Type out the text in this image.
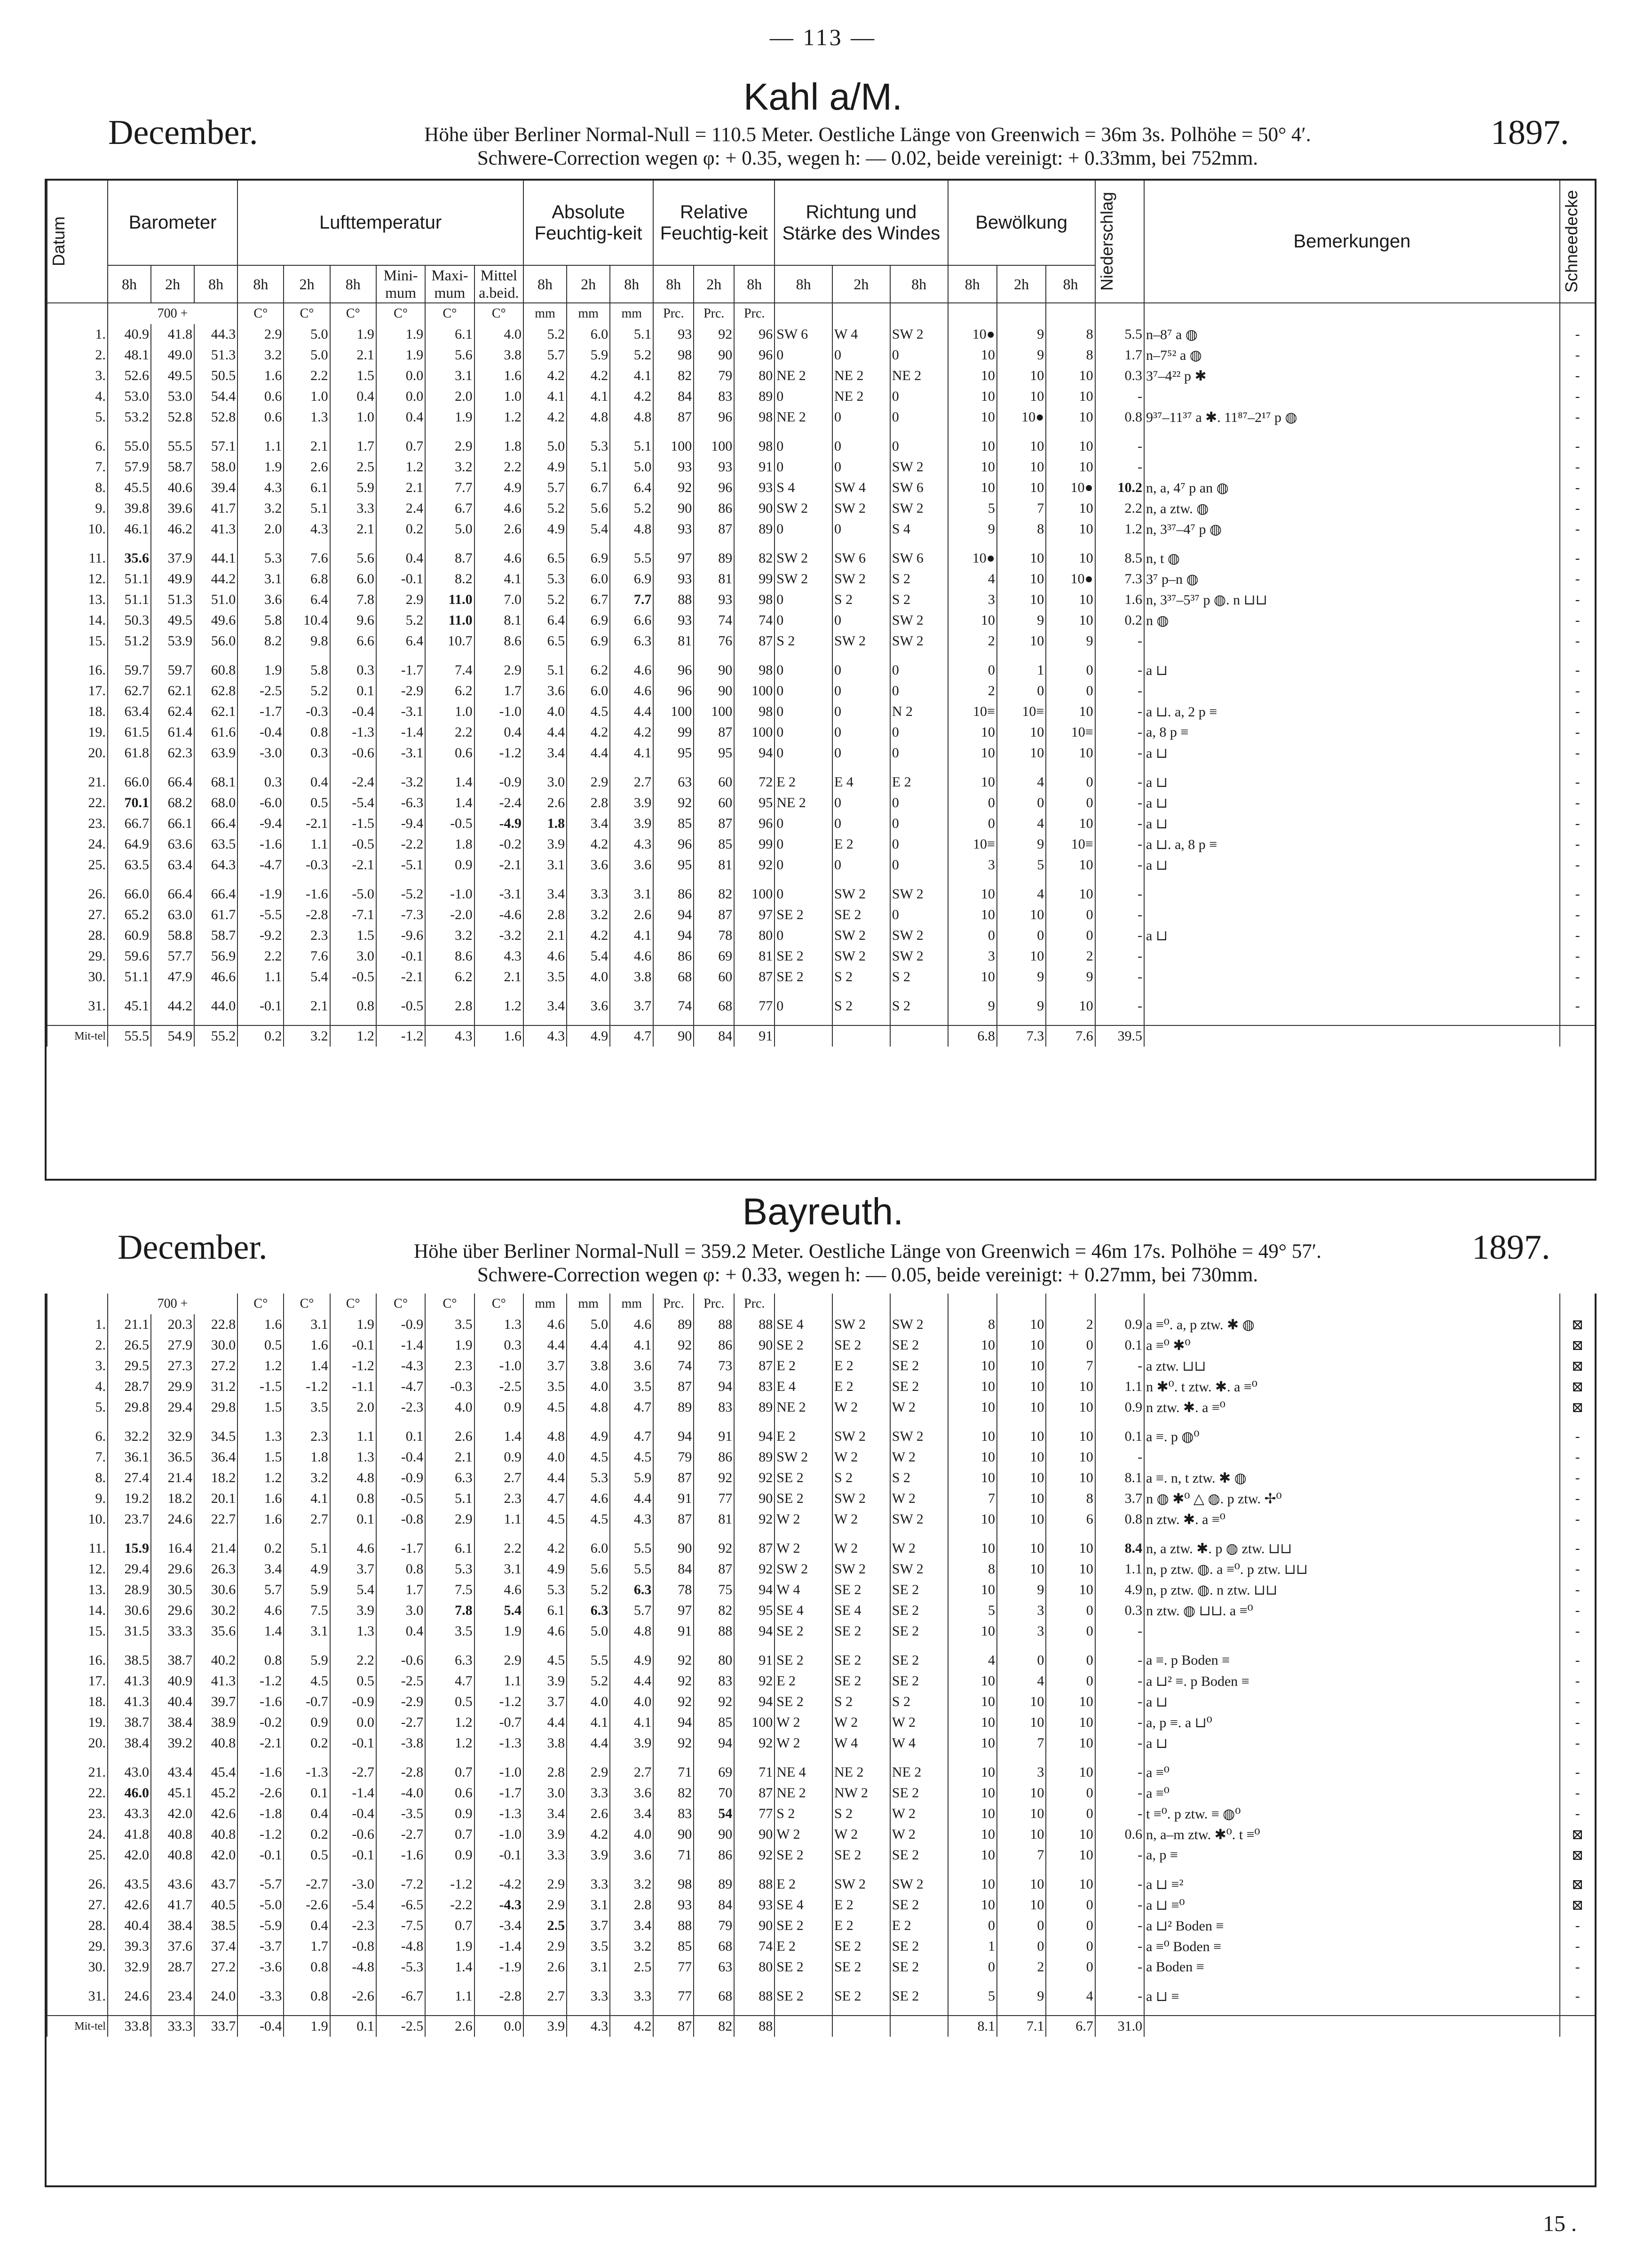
— 113 —
Kahl a/M.
December.	1897.
Höhe über Berliner Normal-Null = 110.5 Meter. Oestliche Länge von Greenwich = 36m 3s. Polhöhe = 50° 4′.
Schwere-Correction wegen φ: + 0.35, wegen h: — 0.02, beide vereinigt: + 0.33mm, bei 752mm.
Datum	Barometer			Lufttemperatur						Absolute Feuchtig-keit			Relative Feuchtig-keit			Richtung und Stärke des Windes			Bewölkung			Niederschlag	Bemerkungen	Schneedecke

	8h	2h	8h	8h	2h	8h	Mini-mum	Maxi-mum	Mittel a.beid.	8h	2h	8h	8h	2h	8h	8h	2h	8h	8h	2h	8h			
	700 +			C°	C°	C°	C°	C°	C°	mm	mm	mm	Prc.	Prc.	Prc.									
1.	40.9	41.8	44.3	2.9	5.0	1.9	1.9	6.1	4.0	5.2	6.0	5.1	93	92	96	SW 6	W 4	SW 2	10●	9	8	5.5	n–8⁷ a ◍	-
2.	48.1	49.0	51.3	3.2	5.0	2.1	1.9	5.6	3.8	5.7	5.9	5.2	98	90	96	0	0	0	10	9	8	1.7	n–7⁵² a ◍	-
3.	52.6	49.5	50.5	1.6	2.2	1.5	0.0	3.1	1.6	4.2	4.2	4.1	82	79	80	NE 2	NE 2	NE 2	10	10	10	0.3	3⁷–4²² p ✱	-
4.	53.0	53.0	54.4	0.6	1.0	0.4	0.0	2.0	1.0	4.1	4.1	4.2	84	83	89	0	NE 2	0	10	10	10	-		-
5.	53.2	52.8	52.8	0.6	1.3	1.0	0.4	1.9	1.2	4.2	4.8	4.8	87	96	98	NE 2	0	0	10	10●	10	0.8	9³⁷–11³⁷ a ✱. 11⁸⁷–2¹⁷ p ◍	-

6.	55.0	55.5	57.1	1.1	2.1	1.7	0.7	2.9	1.8	5.0	5.3	5.1	100	100	98	0	0	0	10	10	10	-		-
7.	57.9	58.7	58.0	1.9	2.6	2.5	1.2	3.2	2.2	4.9	5.1	5.0	93	93	91	0	0	SW 2	10	10	10	-		-
8.	45.5	40.6	39.4	4.3	6.1	5.9	2.1	7.7	4.9	5.7	6.7	6.4	92	96	93	S 4	SW 4	SW 6	10	10	10●	10.2	n, a, 4⁷ p an ◍	-
9.	39.8	39.6	41.7	3.2	5.1	3.3	2.4	6.7	4.6	5.2	5.6	5.2	90	86	90	SW 2	SW 2	SW 2	5	7	10	2.2	n, a ztw. ◍	-
10.	46.1	46.2	41.3	2.0	4.3	2.1	0.2	5.0	2.6	4.9	5.4	4.8	93	87	89	0	0	S 4	9	8	10	1.2	n, 3³⁷–4⁷ p ◍	-

11.	35.6	37.9	44.1	5.3	7.6	5.6	0.4	8.7	4.6	6.5	6.9	5.5	97	89	82	SW 2	SW 6	SW 6	10●	10	10	8.5	n, t ◍	-
12.	51.1	49.9	44.2	3.1	6.8	6.0	-0.1	8.2	4.1	5.3	6.0	6.9	93	81	99	SW 2	SW 2	S 2	4	10	10●	7.3	3⁷ p–n ◍	-
13.	51.1	51.3	51.0	3.6	6.4	7.8	2.9	11.0	7.0	5.2	6.7	7.7	88	93	98	0	S 2	S 2	3	10	10	1.6	n, 3³⁷–5³⁷ p ◍. n ⊔⊔	-
14.	50.3	49.5	49.6	5.8	10.4	9.6	5.2	11.0	8.1	6.4	6.9	6.6	93	74	74	0	0	SW 2	10	9	10	0.2	n ◍	-
15.	51.2	53.9	56.0	8.2	9.8	6.6	6.4	10.7	8.6	6.5	6.9	6.3	81	76	87	S 2	SW 2	SW 2	2	10	9	-		-

16.	59.7	59.7	60.8	1.9	5.8	0.3	-1.7	7.4	2.9	5.1	6.2	4.6	96	90	98	0	0	0	0	1	0	-	a ⊔	-
17.	62.7	62.1	62.8	-2.5	5.2	0.1	-2.9	6.2	1.7	3.6	6.0	4.6	96	90	100	0	0	0	2	0	0	-		-
18.	63.4	62.4	62.1	-1.7	-0.3	-0.4	-3.1	1.0	-1.0	4.0	4.5	4.4	100	100	98	0	0	N 2	10≡	10≡	10	-	a ⊔. a, 2 p ≡	-
19.	61.5	61.4	61.6	-0.4	0.8	-1.3	-1.4	2.2	0.4	4.4	4.2	4.2	99	87	100	0	0	0	10	10	10≡	-	a, 8 p ≡	-
20.	61.8	62.3	63.9	-3.0	0.3	-0.6	-3.1	0.6	-1.2	3.4	4.4	4.1	95	95	94	0	0	0	10	10	10	-	a ⊔	-

21.	66.0	66.4	68.1	0.3	0.4	-2.4	-3.2	1.4	-0.9	3.0	2.9	2.7	63	60	72	E 2	E 4	E 2	10	4	0	-	a ⊔	-
22.	70.1	68.2	68.0	-6.0	0.5	-5.4	-6.3	1.4	-2.4	2.6	2.8	3.9	92	60	95	NE 2	0	0	0	0	0	-	a ⊔	-
23.	66.7	66.1	66.4	-9.4	-2.1	-1.5	-9.4	-0.5	-4.9	1.8	3.4	3.9	85	87	96	0	0	0	0	4	10	-	a ⊔	-
24.	64.9	63.6	63.5	-1.6	1.1	-0.5	-2.2	1.8	-0.2	3.9	4.2	4.3	96	85	99	0	E 2	0	10≡	9	10≡	-	a ⊔. a, 8 p ≡	-
25.	63.5	63.4	64.3	-4.7	-0.3	-2.1	-5.1	0.9	-2.1	3.1	3.6	3.6	95	81	92	0	0	0	3	5	10	-	a ⊔	-

26.	66.0	66.4	66.4	-1.9	-1.6	-5.0	-5.2	-1.0	-3.1	3.4	3.3	3.1	86	82	100	0	SW 2	SW 2	10	4	10	-		-
27.	65.2	63.0	61.7	-5.5	-2.8	-7.1	-7.3	-2.0	-4.6	2.8	3.2	2.6	94	87	97	SE 2	SE 2	0	10	10	0	-		-
28.	60.9	58.8	58.7	-9.2	2.3	1.5	-9.6	3.2	-3.2	2.1	4.2	4.1	94	78	80	0	SW 2	SW 2	0	0	0	-	a ⊔	-
29.	59.6	57.7	56.9	2.2	7.6	3.0	-0.1	8.6	4.3	4.6	5.4	4.6	86	69	81	SE 2	SW 2	SW 2	3	10	2	-		-
30.	51.1	47.9	46.6	1.1	5.4	-0.5	-2.1	6.2	2.1	3.5	4.0	3.8	68	60	87	SE 2	S 2	S 2	10	9	9	-		-

31.	45.1	44.2	44.0	-0.1	2.1	0.8	-0.5	2.8	1.2	3.4	3.6	3.7	74	68	77	0	S 2	S 2	9	9	10	-		-

Mit-tel	55.5	54.9	55.2	0.2	3.2	1.2	-1.2	4.3	1.6	4.3	4.9	4.7	90	84	91				6.8	7.3	7.6	39.5		
Bayreuth.
December.	1897.
Höhe über Berliner Normal-Null = 359.2 Meter. Oestliche Länge von Greenwich = 46m 17s. Polhöhe = 49° 57′.
Schwere-Correction wegen φ: + 0.33, wegen h: — 0.05, beide vereinigt: + 0.27mm, bei 730mm.
	700 +			C°	C°	C°	C°	C°	C°	mm	mm	mm	Prc.	Prc.	Prc.									
1.	21.1	20.3	22.8	1.6	3.1	1.9	-0.9	3.5	1.3	4.6	5.0	4.6	89	88	88	SE 4	SW 2	SW 2	8	10	2	0.9	a ≡⁰. a, p ztw. ✱ ◍	⊠
2.	26.5	27.9	30.0	0.5	1.6	-0.1	-1.4	1.9	0.3	4.4	4.4	4.1	92	86	90	SE 2	SE 2	SE 2	10	10	0	0.1	a ≡⁰ ✱⁰	⊠
3.	29.5	27.3	27.2	1.2	1.4	-1.2	-4.3	2.3	-1.0	3.7	3.8	3.6	74	73	87	E 2	E 2	SE 2	10	10	7	-	a ztw. ⊔⊔	⊠
4.	28.7	29.9	31.2	-1.5	-1.2	-1.1	-4.7	-0.3	-2.5	3.5	4.0	3.5	87	94	83	E 4	E 2	SE 2	10	10	10	1.1	n ✱⁰. t ztw. ✱. a ≡⁰	⊠
5.	29.8	29.4	29.8	1.5	3.5	2.0	-2.3	4.0	0.9	4.5	4.8	4.7	89	83	89	NE 2	W 2	W 2	10	10	10	0.9	n ztw. ✱. a ≡⁰	⊠

6.	32.2	32.9	34.5	1.3	2.3	1.1	0.1	2.6	1.4	4.8	4.9	4.7	94	91	94	E 2	SW 2	SW 2	10	10	10	0.1	a ≡. p ◍⁰	-
7.	36.1	36.5	36.4	1.5	1.8	1.3	-0.4	2.1	0.9	4.0	4.5	4.5	79	86	89	SW 2	W 2	W 2	10	10	10	-		-
8.	27.4	21.4	18.2	1.2	3.2	4.8	-0.9	6.3	2.7	4.4	5.3	5.9	87	92	92	SE 2	S 2	S 2	10	10	10	8.1	a ≡. n, t ztw. ✱ ◍	-
9.	19.2	18.2	20.1	1.6	4.1	0.8	-0.5	5.1	2.3	4.7	4.6	4.4	91	77	90	SE 2	SW 2	W 2	7	10	8	3.7	n ◍ ✱⁰ △ ◍. p ztw. ✢⁰	-
10.	23.7	24.6	22.7	1.6	2.7	0.1	-0.8	2.9	1.1	4.5	4.5	4.3	87	81	92	W 2	W 2	SW 2	10	10	6	0.8	n ztw. ✱. a ≡⁰	-

11.	15.9	16.4	21.4	0.2	5.1	4.6	-1.7	6.1	2.2	4.2	6.0	5.5	90	92	87	W 2	W 2	W 2	10	10	10	8.4	n, a ztw. ✱. p ◍ ztw. ⊔⊔	-
12.	29.4	29.6	26.3	3.4	4.9	3.7	0.8	5.3	3.1	4.9	5.6	5.5	84	87	92	SW 2	SW 2	SW 2	8	10	10	1.1	n, p ztw. ◍. a ≡⁰. p ztw. ⊔⊔	-
13.	28.9	30.5	30.6	5.7	5.9	5.4	1.7	7.5	4.6	5.3	5.2	6.3	78	75	94	W 4	SE 2	SE 2	10	9	10	4.9	n, p ztw. ◍. n ztw. ⊔⊔	-
14.	30.6	29.6	30.2	4.6	7.5	3.9	3.0	7.8	5.4	6.1	6.3	5.7	97	82	95	SE 4	SE 4	SE 2	5	3	0	0.3	n ztw. ◍ ⊔⊔. a ≡⁰	-
15.	31.5	33.3	35.6	1.4	3.1	1.3	0.4	3.5	1.9	4.6	5.0	4.8	91	88	94	SE 2	SE 2	SE 2	10	3	0	-		-

16.	38.5	38.7	40.2	0.8	5.9	2.2	-0.6	6.3	2.9	4.5	5.5	4.9	92	80	91	SE 2	SE 2	SE 2	4	0	0	-	a ≡. p Boden ≡	-
17.	41.3	40.9	41.3	-1.2	4.5	0.5	-2.5	4.7	1.1	3.9	5.2	4.4	92	83	92	E 2	SE 2	SE 2	10	4	0	-	a ⊔² ≡. p Boden ≡	-
18.	41.3	40.4	39.7	-1.6	-0.7	-0.9	-2.9	0.5	-1.2	3.7	4.0	4.0	92	92	94	SE 2	S 2	S 2	10	10	10	-	a ⊔	-
19.	38.7	38.4	38.9	-0.2	0.9	0.0	-2.7	1.2	-0.7	4.4	4.1	4.1	94	85	100	W 2	W 2	W 2	10	10	10	-	a, p ≡. a ⊔⁰	-
20.	38.4	39.2	40.8	-2.1	0.2	-0.1	-3.8	1.2	-1.3	3.8	4.4	3.9	92	94	92	W 2	W 4	W 4	10	7	10	-	a ⊔	-

21.	43.0	43.4	45.4	-1.6	-1.3	-2.7	-2.8	0.7	-1.0	2.8	2.9	2.7	71	69	71	NE 4	NE 2	NE 2	10	3	10	-	a ≡⁰	-
22.	46.0	45.1	45.2	-2.6	0.1	-1.4	-4.0	0.6	-1.7	3.0	3.3	3.6	82	70	87	NE 2	NW 2	SE 2	10	10	0	-	a ≡⁰	-
23.	43.3	42.0	42.6	-1.8	0.4	-0.4	-3.5	0.9	-1.3	3.4	2.6	3.4	83	54	77	S 2	S 2	W 2	10	10	0	-	t ≡⁰. p ztw. ≡ ◍⁰	-
24.	41.8	40.8	40.8	-1.2	0.2	-0.6	-2.7	0.7	-1.0	3.9	4.2	4.0	90	90	90	W 2	W 2	W 2	10	10	10	0.6	n, a–m ztw. ✱⁰. t ≡⁰	⊠
25.	42.0	40.8	42.0	-0.1	0.5	-0.1	-1.6	0.9	-0.1	3.3	3.9	3.6	71	86	92	SE 2	SE 2	SE 2	10	7	10	-	a, p ≡	⊠

26.	43.5	43.6	43.7	-5.7	-2.7	-3.0	-7.2	-1.2	-4.2	2.9	3.3	3.2	98	89	88	E 2	SW 2	SW 2	10	10	10	-	a ⊔ ≡²	⊠
27.	42.6	41.7	40.5	-5.0	-2.6	-5.4	-6.5	-2.2	-4.3	2.9	3.1	2.8	93	84	93	SE 4	E 2	SE 2	10	10	0	-	a ⊔ ≡⁰	⊠
28.	40.4	38.4	38.5	-5.9	0.4	-2.3	-7.5	0.7	-3.4	2.5	3.7	3.4	88	79	90	SE 2	E 2	E 2	0	0	0	-	a ⊔² Boden ≡	-
29.	39.3	37.6	37.4	-3.7	1.7	-0.8	-4.8	1.9	-1.4	2.9	3.5	3.2	85	68	74	E 2	SE 2	SE 2	1	0	0	-	a ≡⁰ Boden ≡	-
30.	32.9	28.7	27.2	-3.6	0.8	-4.8	-5.3	1.4	-1.9	2.6	3.1	2.5	77	63	80	SE 2	SE 2	SE 2	0	2	0	-	a Boden ≡	-

31.	24.6	23.4	24.0	-3.3	0.8	-2.6	-6.7	1.1	-2.8	2.7	3.3	3.3	77	68	88	SE 2	SE 2	SE 2	5	9	4	-	a ⊔ ≡	-

Mit-tel	33.8	33.3	33.7	-0.4	1.9	0.1	-2.5	2.6	0.0	3.9	4.3	4.2	87	82	88				8.1	7.1	6.7	31.0		
15 .
